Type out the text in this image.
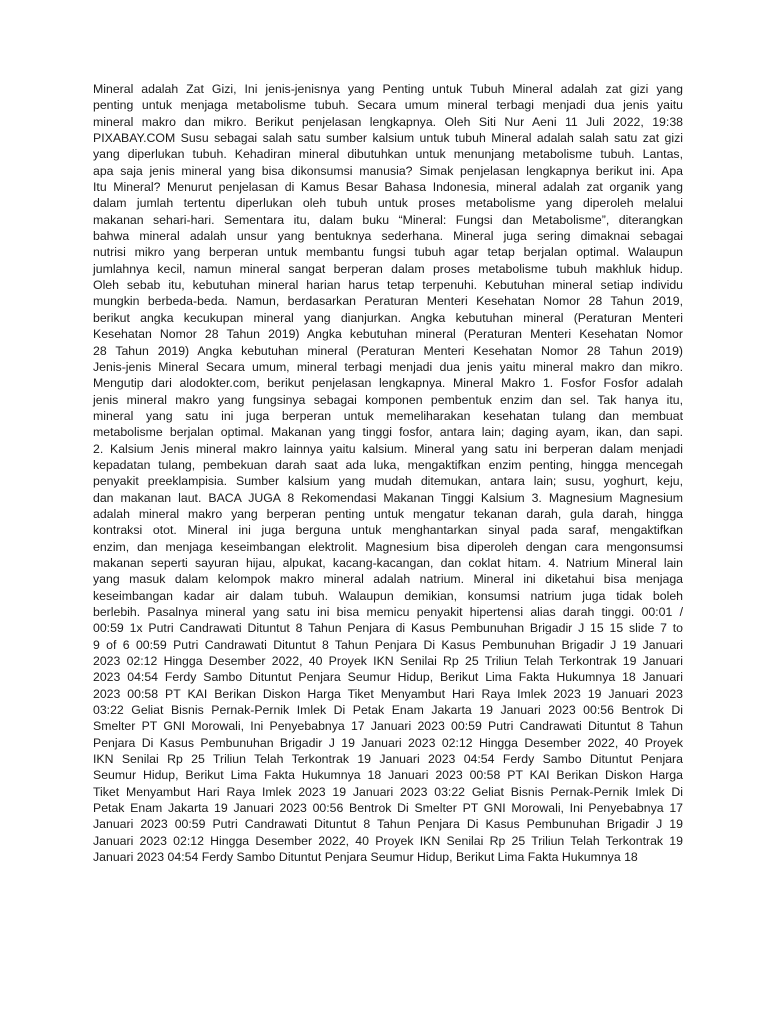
Mineral adalah Zat Gizi, Ini jenis-jenisnya yang Penting untuk Tubuh Mineral adalah zat gizi yang
penting untuk menjaga metabolisme tubuh. Secara umum mineral terbagi menjadi dua jenis yaitu
mineral makro dan mikro. Berikut penjelasan lengkapnya. Oleh Siti Nur Aeni 11 Juli 2022, 19:38
PIXABAY.COM Susu sebagai salah satu sumber kalsium untuk tubuh Mineral adalah salah satu zat gizi
yang diperlukan tubuh. Kehadiran mineral dibutuhkan untuk menunjang metabolisme tubuh. Lantas,
apa saja jenis mineral yang bisa dikonsumsi manusia? Simak penjelasan lengkapnya berikut ini. Apa
Itu Mineral? Menurut penjelasan di Kamus Besar Bahasa Indonesia, mineral adalah zat organik yang
dalam jumlah tertentu diperlukan oleh tubuh untuk proses metabolisme yang diperoleh melalui
makanan sehari-hari. Sementara itu, dalam buku “Mineral: Fungsi dan Metabolisme”, diterangkan
bahwa mineral adalah unsur yang bentuknya sederhana. Mineral juga sering dimaknai sebagai
nutrisi mikro yang berperan untuk membantu fungsi tubuh agar tetap berjalan optimal. Walaupun
jumlahnya kecil, namun mineral sangat berperan dalam proses metabolisme tubuh makhluk hidup.
Oleh sebab itu, kebutuhan mineral harian harus tetap terpenuhi. Kebutuhan mineral setiap individu
mungkin berbeda-beda. Namun, berdasarkan Peraturan Menteri Kesehatan Nomor 28 Tahun 2019,
berikut angka kecukupan mineral yang dianjurkan. Angka kebutuhan mineral (Peraturan Menteri
Kesehatan Nomor 28 Tahun 2019) Angka kebutuhan mineral (Peraturan Menteri Kesehatan Nomor
28 Tahun 2019) Angka kebutuhan mineral (Peraturan Menteri Kesehatan Nomor 28 Tahun 2019)
Jenis-jenis Mineral Secara umum, mineral terbagi menjadi dua jenis yaitu mineral makro dan mikro.
Mengutip dari alodokter.com, berikut penjelasan lengkapnya. Mineral Makro 1. Fosfor Fosfor adalah
jenis mineral makro yang fungsinya sebagai komponen pembentuk enzim dan sel. Tak hanya itu,
mineral yang satu ini juga berperan untuk memeliharakan kesehatan tulang dan membuat
metabolisme berjalan optimal. Makanan yang tinggi fosfor, antara lain; daging ayam, ikan, dan sapi.
2. Kalsium Jenis mineral makro lainnya yaitu kalsium. Mineral yang satu ini berperan dalam menjadi
kepadatan tulang, pembekuan darah saat ada luka, mengaktifkan enzim penting, hingga mencegah
penyakit preeklampisia. Sumber kalsium yang mudah ditemukan, antara lain; susu, yoghurt, keju,
dan makanan laut. BACA JUGA 8 Rekomendasi Makanan Tinggi Kalsium 3. Magnesium Magnesium
adalah mineral makro yang berperan penting untuk mengatur tekanan darah, gula darah, hingga
kontraksi otot. Mineral ini juga berguna untuk menghantarkan sinyal pada saraf, mengaktifkan
enzim, dan menjaga keseimbangan elektrolit. Magnesium bisa diperoleh dengan cara mengonsumsi
makanan seperti sayuran hijau, alpukat, kacang-kacangan, dan coklat hitam. 4. Natrium Mineral lain
yang masuk dalam kelompok makro mineral adalah natrium. Mineral ini diketahui bisa menjaga
keseimbangan kadar air dalam tubuh. Walaupun demikian, konsumsi natrium juga tidak boleh
berlebih. Pasalnya mineral yang satu ini bisa memicu penyakit hipertensi alias darah tinggi. 00:01 /
00:59 1x Putri Candrawati Dituntut 8 Tahun Penjara di Kasus Pembunuhan Brigadir J 15 15 slide 7 to
9 of 6 00:59 Putri Candrawati Dituntut 8 Tahun Penjara Di Kasus Pembunuhan Brigadir J 19 Januari
2023 02:12 Hingga Desember 2022, 40 Proyek IKN Senilai Rp 25 Triliun Telah Terkontrak 19 Januari
2023 04:54 Ferdy Sambo Dituntut Penjara Seumur Hidup, Berikut Lima Fakta Hukumnya 18 Januari
2023 00:58 PT KAI Berikan Diskon Harga Tiket Menyambut Hari Raya Imlek 2023 19 Januari 2023
03:22 Geliat Bisnis Pernak-Pernik Imlek Di Petak Enam Jakarta 19 Januari 2023 00:56 Bentrok Di
Smelter PT GNI Morowali, Ini Penyebabnya 17 Januari 2023 00:59 Putri Candrawati Dituntut 8 Tahun
Penjara Di Kasus Pembunuhan Brigadir J 19 Januari 2023 02:12 Hingga Desember 2022, 40 Proyek
IKN Senilai Rp 25 Triliun Telah Terkontrak 19 Januari 2023 04:54 Ferdy Sambo Dituntut Penjara
Seumur Hidup, Berikut Lima Fakta Hukumnya 18 Januari 2023 00:58 PT KAI Berikan Diskon Harga
Tiket Menyambut Hari Raya Imlek 2023 19 Januari 2023 03:22 Geliat Bisnis Pernak-Pernik Imlek Di
Petak Enam Jakarta 19 Januari 2023 00:56 Bentrok Di Smelter PT GNI Morowali, Ini Penyebabnya 17
Januari 2023 00:59 Putri Candrawati Dituntut 8 Tahun Penjara Di Kasus Pembunuhan Brigadir J 19
Januari 2023 02:12 Hingga Desember 2022, 40 Proyek IKN Senilai Rp 25 Triliun Telah Terkontrak 19
Januari 2023 04:54 Ferdy Sambo Dituntut Penjara Seumur Hidup, Berikut Lima Fakta Hukumnya 18
